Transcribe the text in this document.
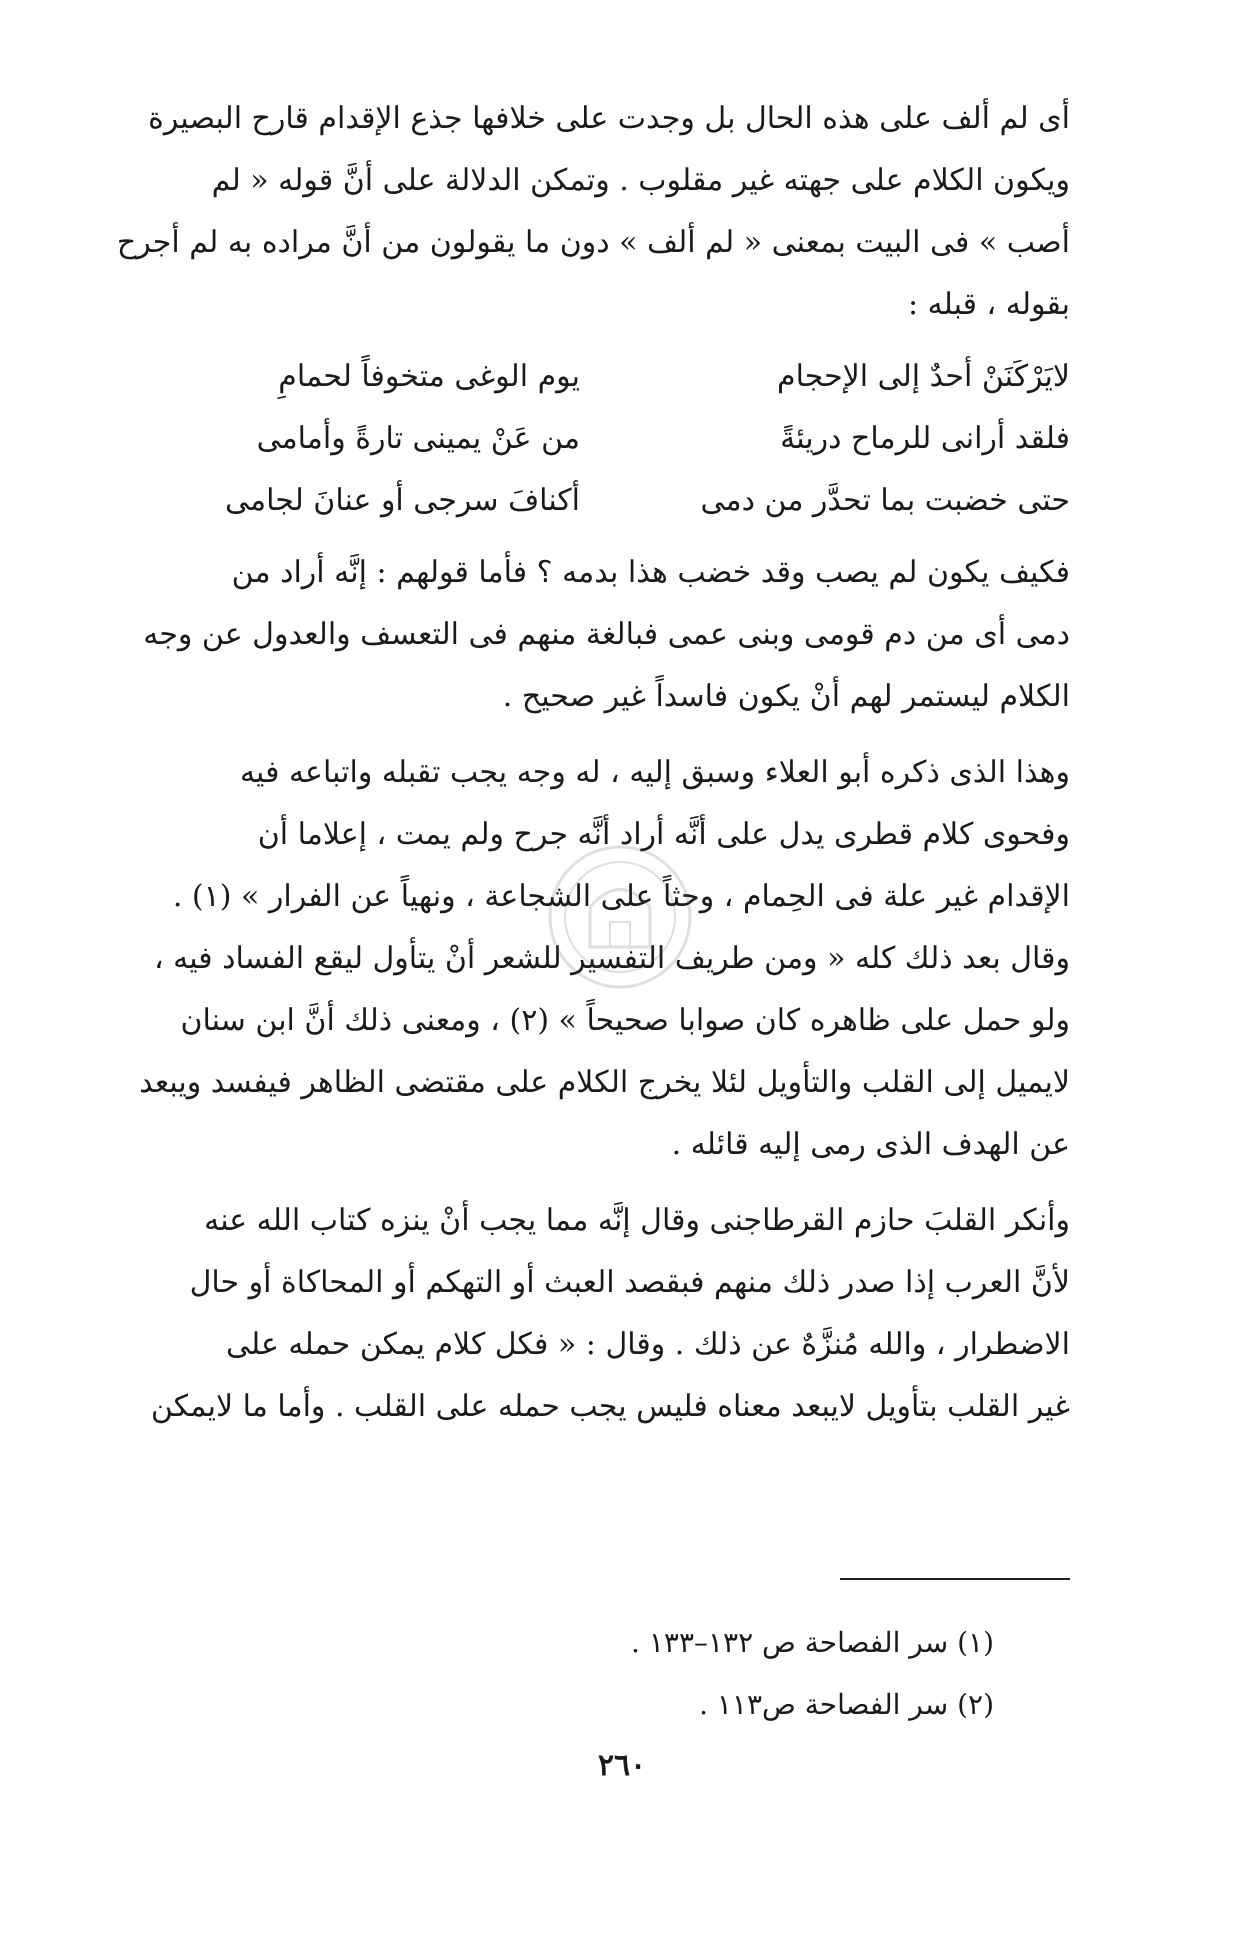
أى لم ألف على هذه الحال بل وجدت على خلافها جذع الإقدام قارح البصيرة
ويكون الكلام على جهته غير مقلوب . وتمكن الدلالة على أنَّ قوله « لم
أصب » فى البيت بمعنى « لم ألف » دون ما يقولون من أنَّ مراده به لم أجرح
بقوله ، قبله :
لايَرْكَنَنْ أحدٌ إلى الإحجام
يوم الوغى متخوفاً لحمامِ
فلقد أرانى للرماح دريئةً
من عَنْ يمينى تارةً وأمامى
حتى خضبت بما تحدَّر من دمى
أكنافَ سرجى أو عنانَ لجامى
فكيف يكون لم يصب وقد خضب هذا بدمه ؟ فأما قولهم : إنَّه أراد من
دمى أى من دم قومى وبنى عمى فبالغة منهم فى التعسف والعدول عن وجه
الكلام ليستمر لهم أنْ يكون فاسداً غير صحيح .
وهذا الذى ذكره أبو العلاء وسبق إليه ، له وجه يجب تقبله واتباعه فيه
وفحوى كلام قطرى يدل على أنَّه أراد أنَّه جرح ولم يمت ، إعلاما أن
الإقدام غير علة فى الحِمام ، وحثاً على الشجاعة ، ونهياً عن الفرار » (١) .
وقال بعد ذلك كله « ومن طريف التفسير للشعر أنْ يتأول ليقع الفساد فيه ،
ولو حمل على ظاهره كان صوابا صحيحاً » (٢) ، ومعنى ذلك أنَّ ابن سنان
لايميل إلى القلب والتأويل لئلا يخرج الكلام على مقتضى الظاهر فيفسد ويبعد
عن الهدف الذى رمى إليه قائله .
وأنكر القلبَ حازم القرطاجنى وقال إنَّه مما يجب أنْ ينزه كتاب الله عنه
لأنَّ العرب إذا صدر ذلك منهم فبقصد العبث أو التهكم أو المحاكاة أو حال
الاضطرار ، والله مُنزَّهٌ عن ذلك . وقال : « فكل كلام يمكن حمله على
غير القلب بتأويل لايبعد معناه فليس يجب حمله على القلب . وأما ما لايمكن
(١) سر الفصاحة ص ١٣٢–١٣٣ .
(٢) سر الفصاحة ص١١٣ .
٢٦٠
